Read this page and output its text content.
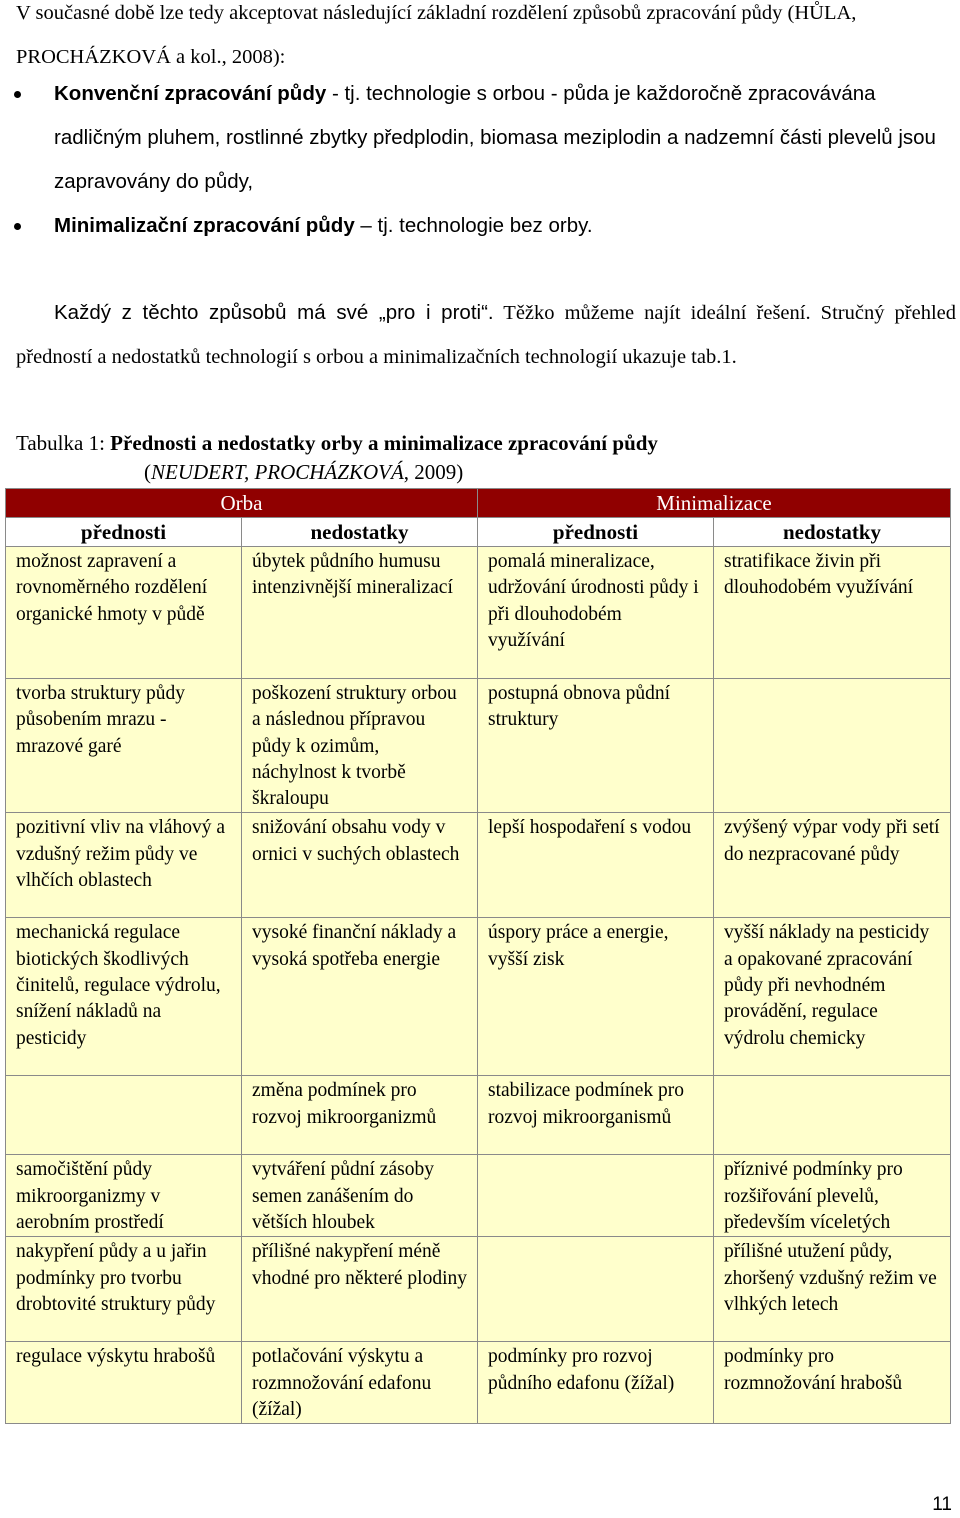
V současné době lze tedy akceptovat následující základní rozdělení způsobů zpracování půdy (HŮLA, PROCHÁZKOVÁ a kol., 2008):

Konvenční zpracování půdy - tj. technologie s orbou - půda je každoročně zpracovávána radličným pluhem, rostlinné zbytky předplodin, biomasa meziplodin a nadzemní části plevelů jsou zapravovány do půdy,
Minimalizační zpracování půdy – tj. technologie bez orby.

Každý z těchto způsobů má své „pro i proti“. Těžko můžeme najít ideální řešení. Stručný přehled předností a nedostatků technologií s orbou a minimalizačních technologií ukazuje tab.1.

Tabulka 1: Přednosti a nedostatky orby a minimalizace zpracování půdy
(NEUDERT, PROCHÁZKOVÁ, 2009)
Orba		Minimalizace	
přednosti	nedostatky	přednosti	nedostatky
možnost zapravení a rovnoměrného rozdělení organické hmoty v půdě	úbytek půdního humusu intenzivnější mineralizací	pomalá mineralizace, udržování úrodnosti půdy i při dlouhodobém využívání	stratifikace živin při dlouhodobém využívání
tvorba struktury půdy působením mrazu - mrazové garé	poškození struktury orbou a následnou přípravou půdy k ozimům, náchylnost k tvorbě škraloupu	postupná obnova půdní struktury	
pozitivní vliv na vláhový a vzdušný režim půdy ve vlhčích oblastech	snižování obsahu vody v ornici v suchých oblastech	lepší hospodaření s vodou	zvýšený výpar vody při setí do nezpracované půdy
mechanická regulace biotických škodlivých činitelů, regulace výdrolu, snížení nákladů na pesticidy	vysoké finanční náklady a vysoká spotřeba energie	úspory práce a energie, vyšší zisk	vyšší náklady na pesticidy a opakované zpracování půdy při nevhodném provádění, regulace výdrolu chemicky
	změna podmínek pro rozvoj mikroorganizmů	stabilizace podmínek pro rozvoj mikroorganismů	
samočištění půdy mikroorganizmy v aerobním prostředí	vytváření půdní zásoby semen zanášením do větších hloubek		příznivé podmínky pro rozšiřování plevelů, především víceletých
nakypření půdy a u jařin podmínky pro tvorbu drobtovité struktury půdy	přílišné nakypření méně vhodné pro některé plodiny		přílišné utužení půdy, zhoršený vzdušný režim ve vlhkých letech
regulace výskytu hrabošů	potlačování výskytu a rozmnožování edafonu (žížal)	podmínky pro rozvoj půdního edafonu (žížal)	podmínky pro rozmnožování hrabošů
11
